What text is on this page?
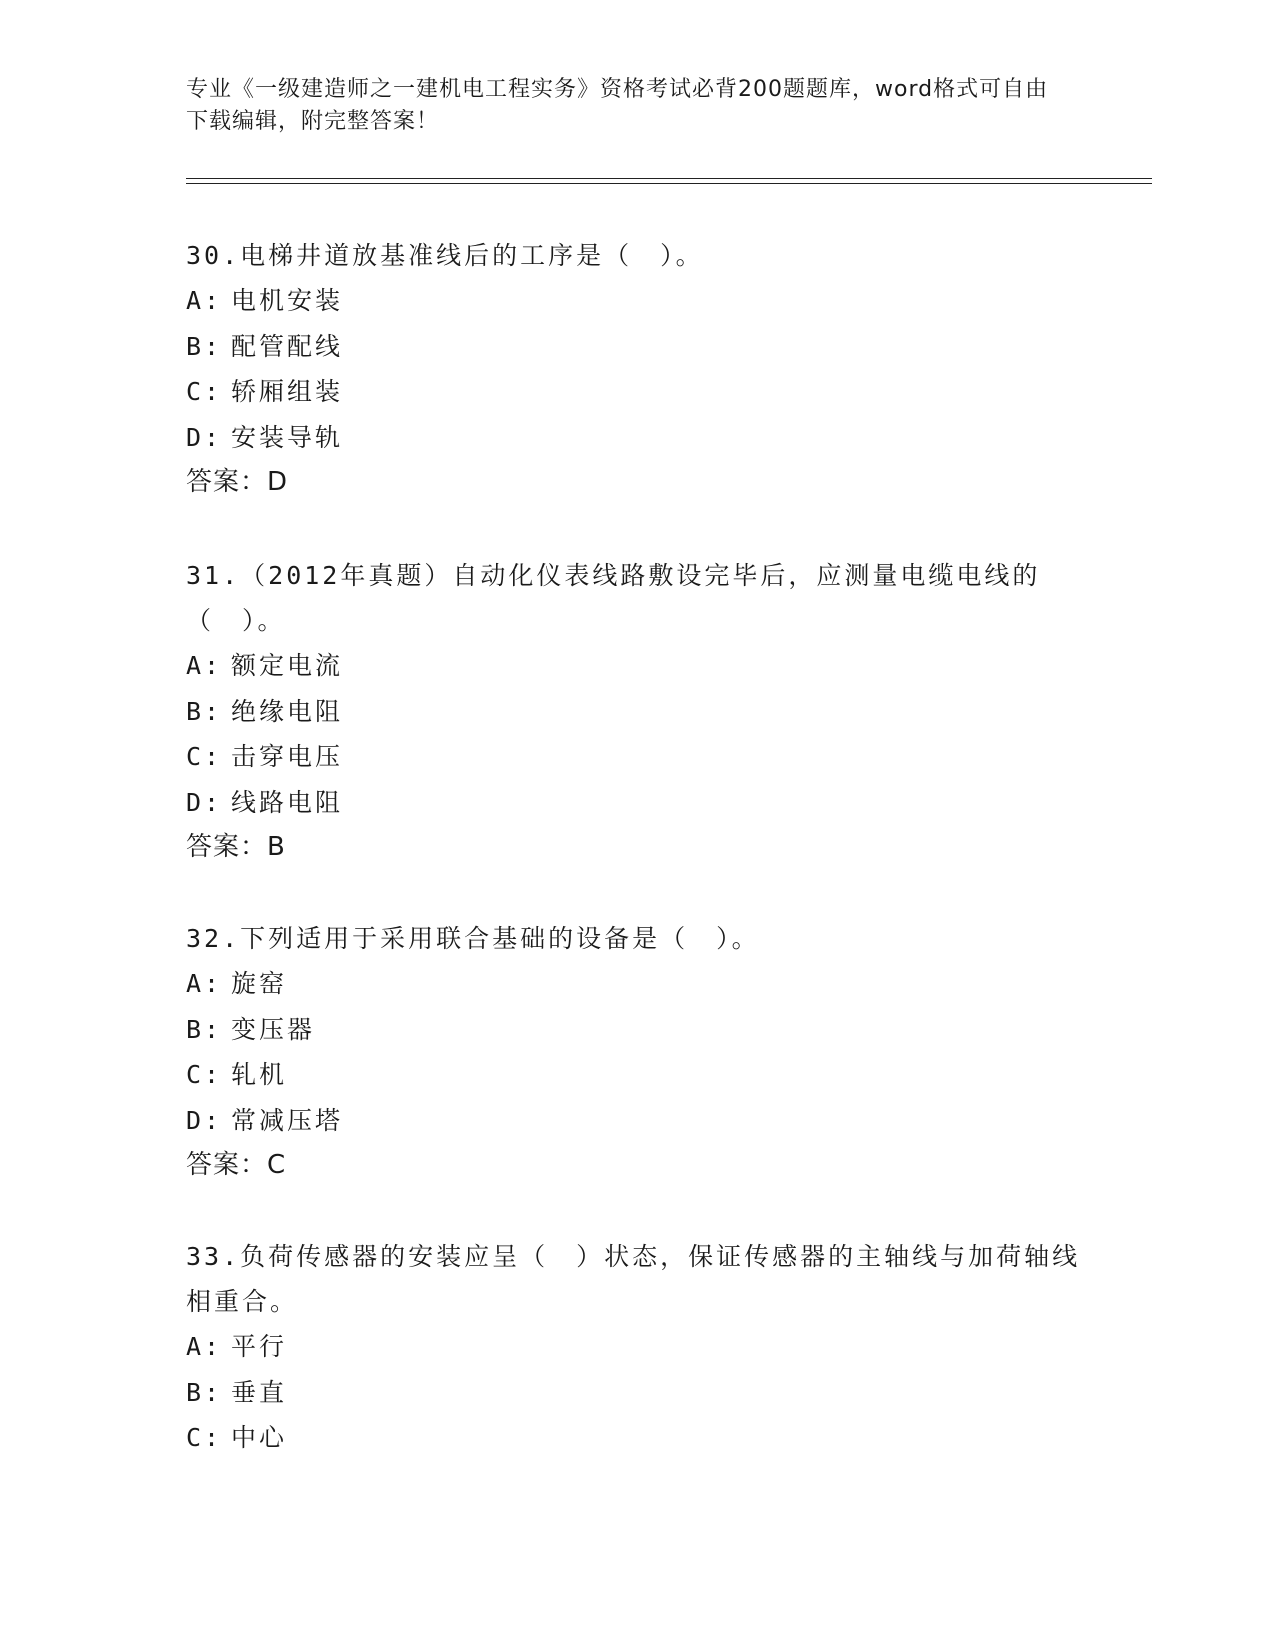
专业《一级建造师之一建机电工程实务》资格考试必背200题题库，word格式可自由下载编辑，附完整答案！

30.电梯井道放基准线后的工序是（　）。

A: 电机安装
B: 配管配线
C: 轿厢组装
D: 安装导轨
答案：D

31.（2012年真题）自动化仪表线路敷设完毕后，应测量电缆电线的（　）。

A: 额定电流
B: 绝缘电阻
C: 击穿电压
D: 线路电阻
答案：B

32.下列适用于采用联合基础的设备是（　）。

A: 旋窑
B: 变压器
C: 轧机
D: 常减压塔
答案：C

33.负荷传感器的安装应呈（　）状态，保证传感器的主轴线与加荷轴线相重合。

A: 平行
B: 垂直
C: 中心
